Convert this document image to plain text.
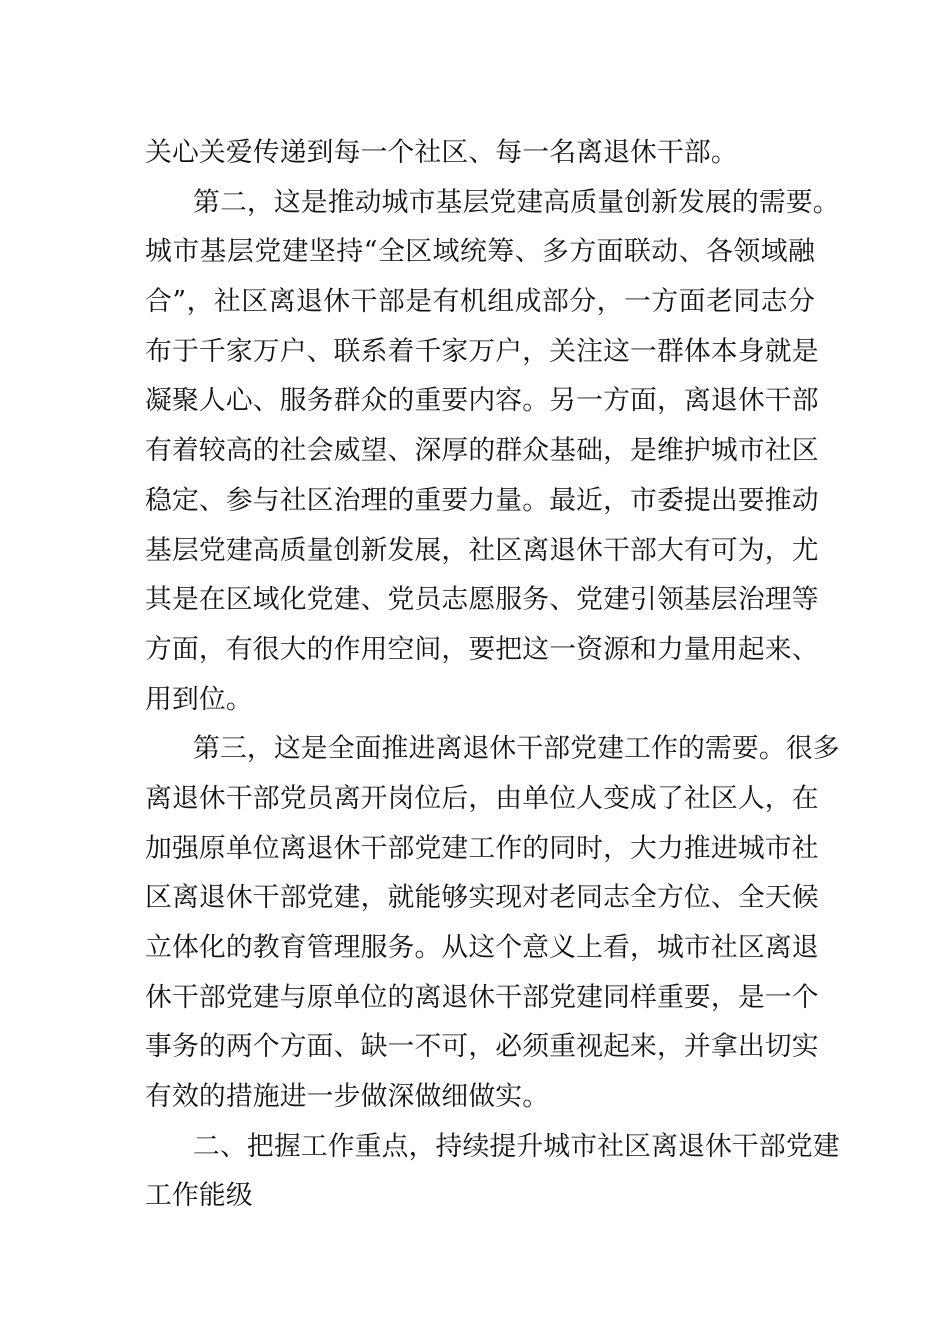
关心关爱传递到每一个社区、每一名离退休干部。
第二，这是推动城市基层党建高质量创新发展的需要。
城市基层党建坚持“全区域统筹、多方面联动、各领域融
合”，社区离退休干部是有机组成部分，一方面老同志分
布于千家万户、联系着千家万户，关注这一群体本身就是
凝聚人心、服务群众的重要内容。另一方面，离退休干部
有着较高的社会威望、深厚的群众基础，是维护城市社区
稳定、参与社区治理的重要力量。最近，市委提出要推动
基层党建高质量创新发展，社区离退休干部大有可为，尤
其是在区域化党建、党员志愿服务、党建引领基层治理等
方面，有很大的作用空间，要把这一资源和力量用起来、
用到位。
第三，这是全面推进离退休干部党建工作的需要。很多
离退休干部党员离开岗位后，由单位人变成了社区人，在
加强原单位离退休干部党建工作的同时，大力推进城市社
区离退休干部党建，就能够实现对老同志全方位、全天候
立体化的教育管理服务。从这个意义上看，城市社区离退
休干部党建与原单位的离退休干部党建同样重要，是一个
事务的两个方面、缺一不可，必须重视起来，并拿出切实
有效的措施进一步做深做细做实。
二、把握工作重点，持续提升城市社区离退休干部党建
工作能级
